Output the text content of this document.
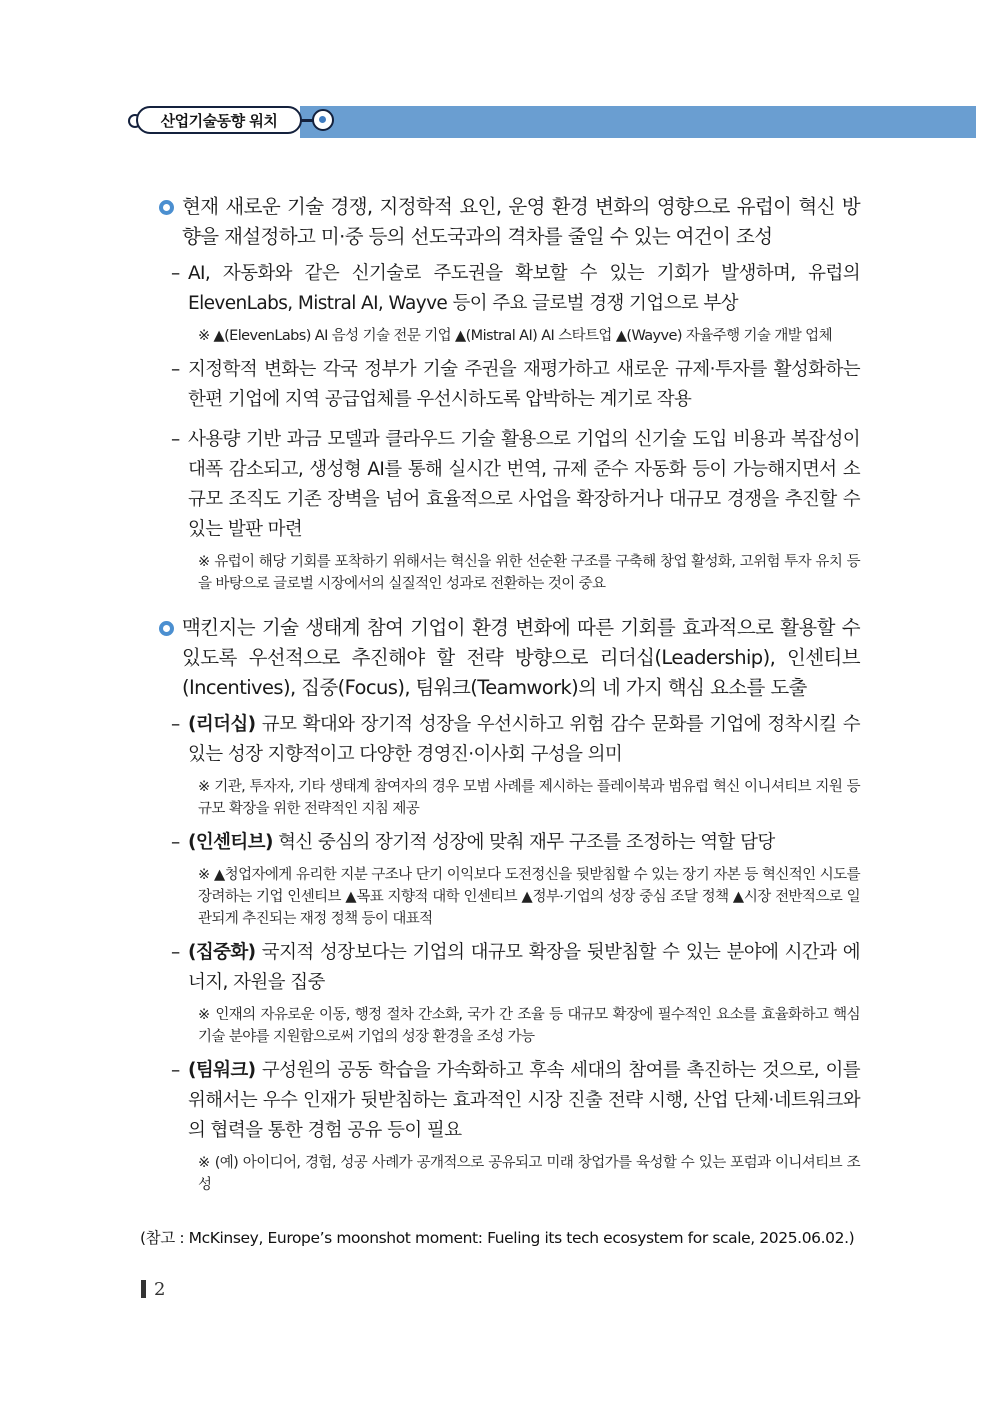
산업기술동향 워치
현재 새로운 기술 경쟁, 지정학적 요인, 운영 환경 변화의 영향으로 유럽이 혁신 방향을 재설정하고 미·중 등의 선도국과의 격차를 줄일 수 있는 여건이 조성
– AI, 자동화와 같은 신기술로 주도권을 확보할 수 있는 기회가 발생하며, 유럽의 ElevenLabs, Mistral AI, Wayve 등이 주요 글로벌 경쟁 기업으로 부상
※ ▲(ElevenLabs) AI 음성 기술 전문 기업 ▲(Mistral AI) AI 스타트업 ▲(Wayve) 자율주행 기술 개발 업체
– 지정학적 변화는 각국 정부가 기술 주권을 재평가하고 새로운 규제·투자를 활성화하는 한편 기업에 지역 공급업체를 우선시하도록 압박하는 계기로 작용
– 사용량 기반 과금 모델과 클라우드 기술 활용으로 기업의 신기술 도입 비용과 복잡성이 대폭 감소되고, 생성형 AI를 통해 실시간 번역, 규제 준수 자동화 등이 가능해지면서 소규모 조직도 기존 장벽을 넘어 효율적으로 사업을 확장하거나 대규모 경쟁을 추진할 수 있는 발판 마련
※ 유럽이 해당 기회를 포착하기 위해서는 혁신을 위한 선순환 구조를 구축해 창업 활성화, 고위험 투자 유치 등을 바탕으로 글로벌 시장에서의 실질적인 성과로 전환하는 것이 중요
맥킨지는 기술 생태계 참여 기업이 환경 변화에 따른 기회를 효과적으로 활용할 수 있도록 우선적으로 추진해야 할 전략 방향으로 리더십(Leadership), 인센티브(Incentives), 집중(Focus), 팀워크(Teamwork)의 네 가지 핵심 요소를 도출
– (리더십) 규모 확대와 장기적 성장을 우선시하고 위험 감수 문화를 기업에 정착시킬 수 있는 성장 지향적이고 다양한 경영진·이사회 구성을 의미
※ 기관, 투자자, 기타 생태계 참여자의 경우 모범 사례를 제시하는 플레이북과 범유럽 혁신 이니셔티브 지원 등 규모 확장을 위한 전략적인 지침 제공
– (인센티브) 혁신 중심의 장기적 성장에 맞춰 재무 구조를 조정하는 역할 담당
※ ▲청업자에게 유리한 지분 구조나 단기 이익보다 도전정신을 뒷받침할 수 있는 장기 자본 등 혁신적인 시도를 장려하는 기업 인센티브 ▲목표 지향적 대학 인센티브 ▲정부·기업의 성장 중심 조달 정책 ▲시장 전반적으로 일관되게 추진되는 재정 정책 등이 대표적
– (집중화) 국지적 성장보다는 기업의 대규모 확장을 뒷받침할 수 있는 분야에 시간과 에너지, 자원을 집중
※ 인재의 자유로운 이동, 행정 절차 간소화, 국가 간 조율 등 대규모 확장에 필수적인 요소를 효율화하고 핵심 기술 분야를 지원함으로써 기업의 성장 환경을 조성 가능
– (팀워크) 구성원의 공동 학습을 가속화하고 후속 세대의 참여를 촉진하는 것으로, 이를 위해서는 우수 인재가 뒷받침하는 효과적인 시장 진출 전략 시행, 산업 단체·네트워크와의 협력을 통한 경험 공유 등이 필요
※ (예) 아이디어, 경험, 성공 사례가 공개적으로 공유되고 미래 창업가를 육성할 수 있는 포럼과 이니셔티브 조성
(참고 : McKinsey, Europe’s moonshot moment: Fueling its tech ecosystem for scale, 2025.06.02.)
2
